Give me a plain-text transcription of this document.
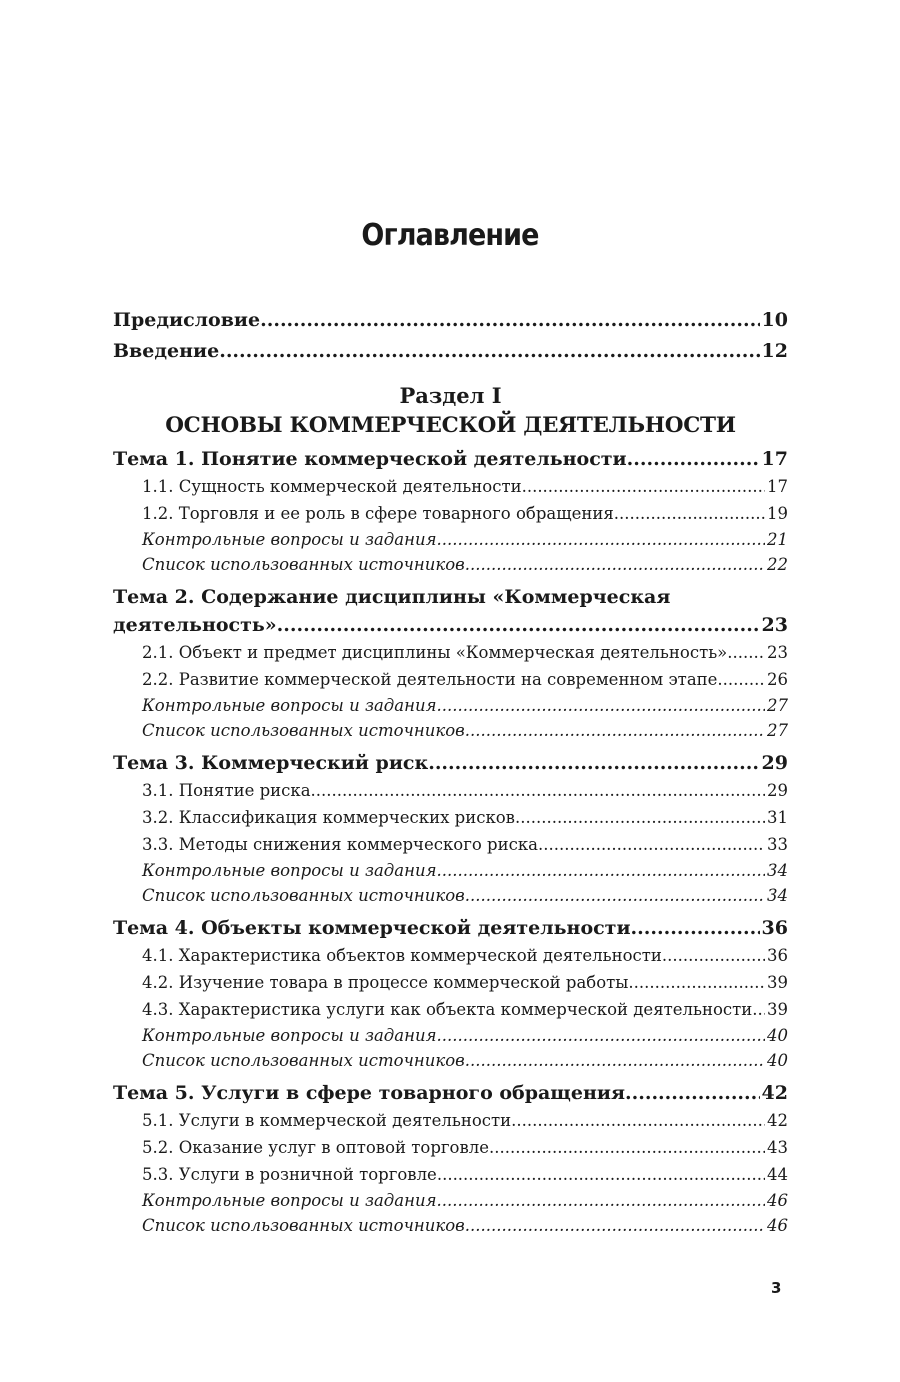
Оглавление
Предисловие .....	10
Введение .....	12
Раздел I
ОСНОВЫ КОММЕРЧЕСКОЙ ДЕЯТЕЛЬНОСТИ
Тема 1. Понятие коммерческой деятельности .....	17
1.1. Сущность коммерческой деятельности .....	17
1.2. Торговля и ее роль в сфере товарного обращения .....	19
Контрольные вопросы и задания .....	21
Список использованных источников .....	22
Тема 2. Содержание дисциплины «Коммерческая
деятельность» .....	23
2.1. Объект и предмет дисциплины «Коммерческая деятельность» ..... 23
2.2. Развитие коммерческой деятельности на современном этапе .....	26
Контрольные вопросы и задания .....	27
Список использованных источников .....	27
Тема 3. Коммерческий риск .....	29
3.1. Понятие риска .....	29
3.2. Классификация коммерческих рисков .....	31
3.3. Методы снижения коммерческого риска .....	33
Контрольные вопросы и задания .....	34
Список использованных источников .....	34
Тема 4. Объекты коммерческой деятельности .....	36
4.1. Характеристика объектов коммерческой деятельности .....	36
4.2. Изучение товара в процессе коммерческой работы .....	39
4.3. Характеристика услуги как объекта коммерческой деятельности ..... 39
Контрольные вопросы и задания .....	40
Список использованных источников .....	40
Тема 5. Услуги в сфере товарного обращения .....	42
5.1. Услуги в коммерческой деятельности .....	42
5.2. Оказание услуг в оптовой торговле .....	43
5.3. Услуги в розничной торговле .....	44
Контрольные вопросы и задания .....	46
Список использованных источников .....	46
3
